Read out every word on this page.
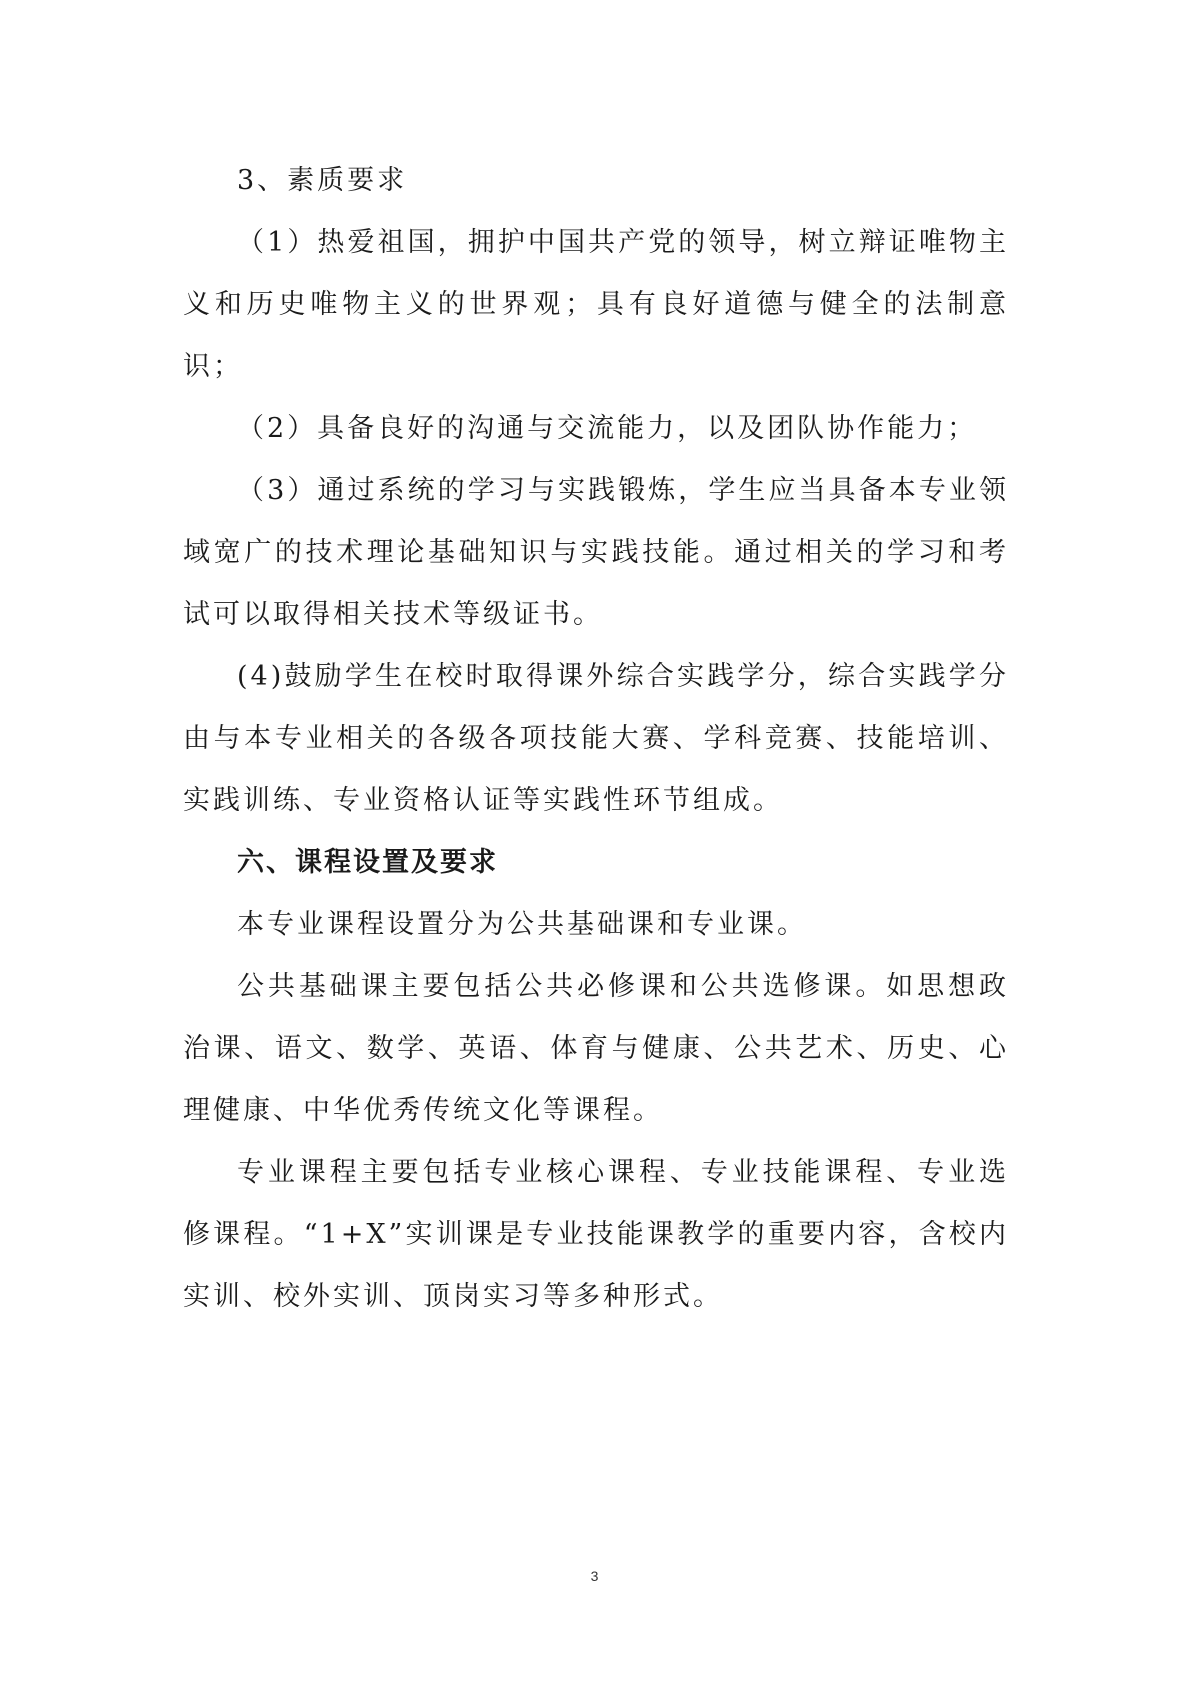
3、素质要求

（1）热爱祖国，拥护中国共产党的领导，树立辩证唯物主义和历史唯物主义的世界观；具有良好道德与健全的法制意识；

（2）具备良好的沟通与交流能力，以及团队协作能力；

（3）通过系统的学习与实践锻炼，学生应当具备本专业领域宽广的技术理论基础知识与实践技能。通过相关的学习和考试可以取得相关技术等级证书。

(4)鼓励学生在校时取得课外综合实践学分，综合实践学分由与本专业相关的各级各项技能大赛、学科竞赛、技能培训、实践训练、专业资格认证等实践性环节组成。

六、课程设置及要求

本专业课程设置分为公共基础课和专业课。

公共基础课主要包括公共必修课和公共选修课。如思想政治课、语文、数学、英语、体育与健康、公共艺术、历史、心理健康、中华优秀传统文化等课程。

专业课程主要包括专业核心课程、专业技能课程、专业选修课程。“1+X”实训课是专业技能课教学的重要内容，含校内实训、校外实训、顶岗实习等多种形式。

3
